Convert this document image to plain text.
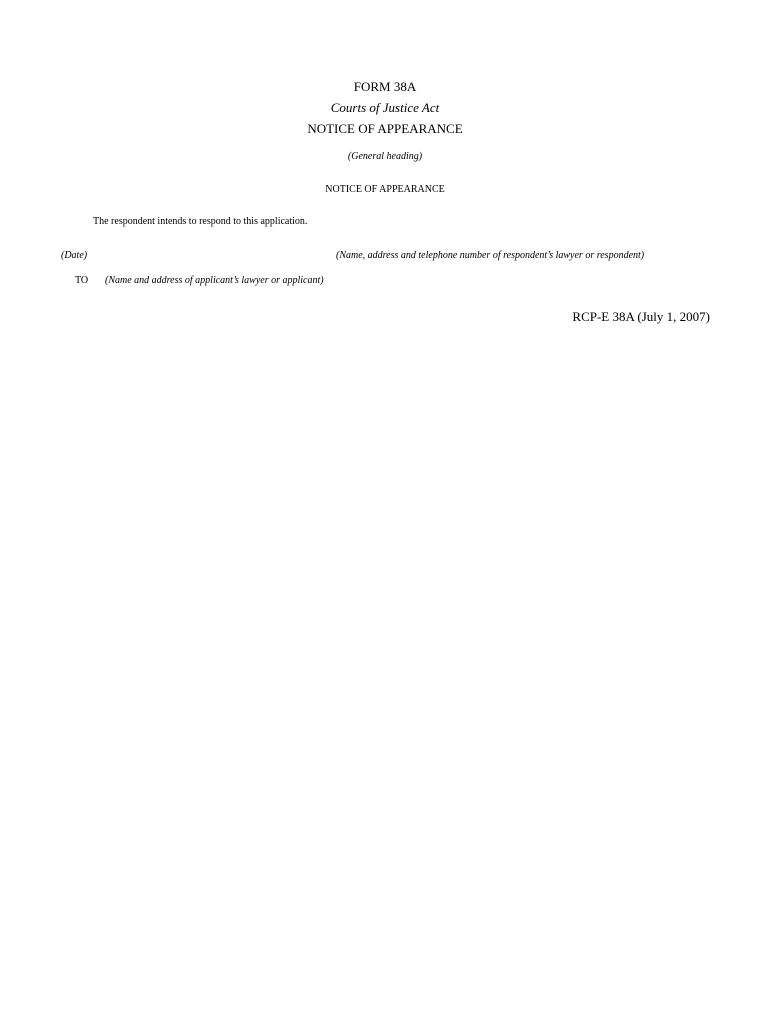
FORM 38A
Courts of Justice Act
NOTICE OF APPEARANCE
(General heading)
NOTICE OF APPEARANCE
The respondent intends to respond to this application.
(Date)	(Name, address and telephone number of respondent’s lawyer or respondent)
TO (Name and address of applicant’s lawyer or applicant)
RCP-E 38A (July 1, 2007)
